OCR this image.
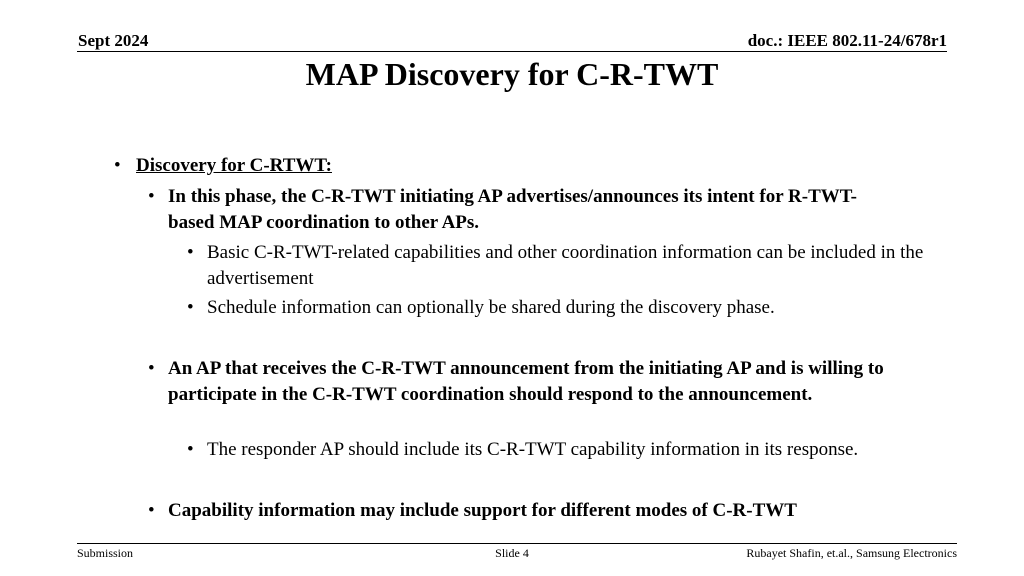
Sept 2024	doc.: IEEE 802.11-24/678r1
MAP Discovery for C-R-TWT
• Discovery for C-RTWT:
• In this phase, the C-R-TWT initiating AP advertises/announces its intent for R-TWT-based MAP coordination to other APs.
• Basic C-R-TWT-related capabilities and other coordination information can be included in the advertisement
• Schedule information can optionally be shared during the discovery phase.
• An AP that receives the C-R-TWT announcement from the initiating AP and is willing to participate in the C-R-TWT coordination should respond to the announcement.
• The responder AP should include its C-R-TWT capability information in its response.
• Capability information may include support for different modes of C-R-TWT
Submission	Slide 4	Rubayet Shafin, et.al., Samsung Electronics
